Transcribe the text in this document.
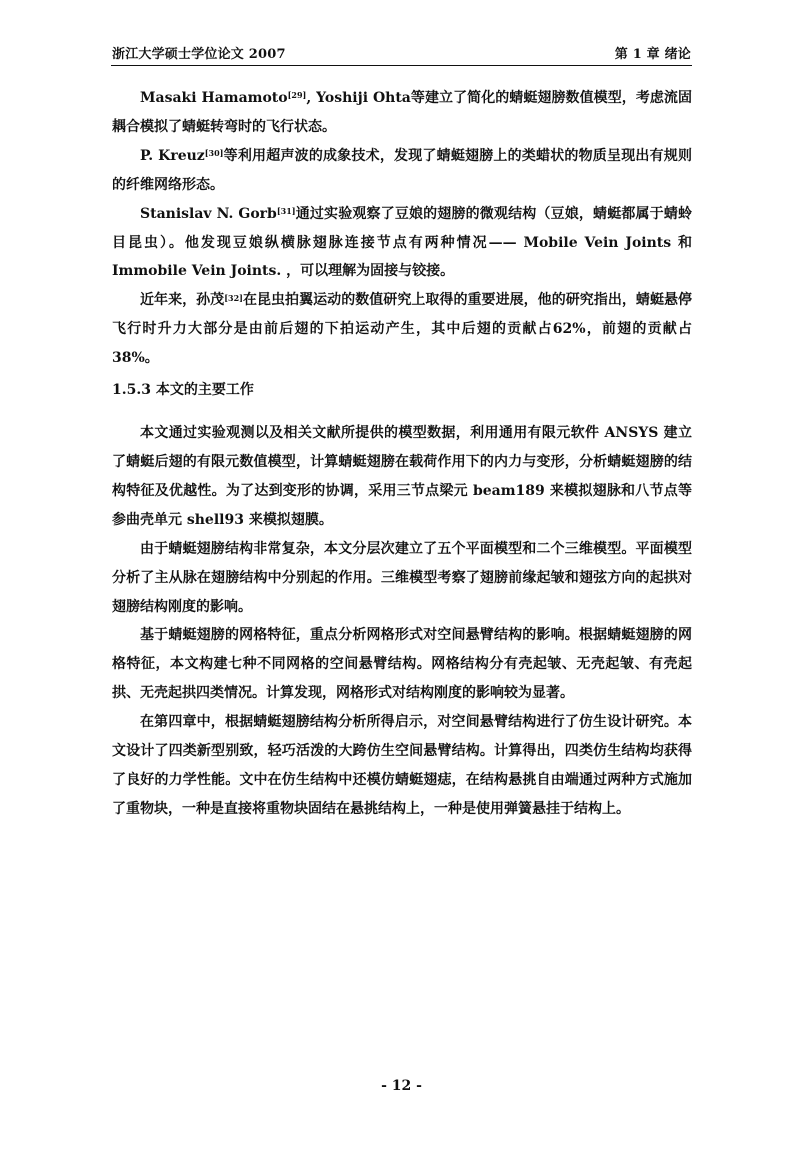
浙江大学硕士学位论文 2007	第 1 章 绪论

Masaki Hamamoto[29], Yoshiji Ohta等建立了简化的蜻蜓翅膀数值模型，考虑流固耦合模拟了蜻蜓转弯时的飞行状态。

P. Kreuz[30]等利用超声波的成象技术，发现了蜻蜓翅膀上的类蜡状的物质呈现出有规则的纤维网络形态。

Stanislav N. Gorb[31]通过实验观察了豆娘的翅膀的微观结构（豆娘，蜻蜓都属于蜻蛉目昆虫）。他发现豆娘纵横脉翅脉连接节点有两种情况—— Mobile Vein Joints 和 Immobile Vein Joints. ，可以理解为固接与铰接。

近年来，孙茂[32]在昆虫拍翼运动的数值研究上取得的重要进展，他的研究指出，蜻蜓悬停飞行时升力大部分是由前后翅的下拍运动产生，其中后翅的贡献占62%，前翅的贡献占38%。

1.5.3 本文的主要工作

本文通过实验观测以及相关文献所提供的模型数据，利用通用有限元软件 ANSYS 建立了蜻蜓后翅的有限元数值模型，计算蜻蜓翅膀在载荷作用下的内力与变形，分析蜻蜓翅膀的结构特征及优越性。为了达到变形的协调，采用三节点梁元 beam189 来模拟翅脉和八节点等参曲壳单元 shell93 来模拟翅膜。

由于蜻蜓翅膀结构非常复杂，本文分层次建立了五个平面模型和二个三维模型。平面模型分析了主从脉在翅膀结构中分别起的作用。三维模型考察了翅膀前缘起皱和翅弦方向的起拱对翅膀结构刚度的影响。

基于蜻蜓翅膀的网格特征，重点分析网格形式对空间悬臂结构的影响。根据蜻蜓翅膀的网格特征，本文构建七种不同网格的空间悬臂结构。网格结构分有壳起皱、无壳起皱、有壳起拱、无壳起拱四类情况。计算发现，网格形式对结构刚度的影响较为显著。

在第四章中，根据蜻蜓翅膀结构分析所得启示，对空间悬臂结构进行了仿生设计研究。本文设计了四类新型别致，轻巧活泼的大跨仿生空间悬臂结构。计算得出，四类仿生结构均获得了良好的力学性能。文中在仿生结构中还模仿蜻蜓翅痣，在结构悬挑自由端通过两种方式施加了重物块，一种是直接将重物块固结在悬挑结构上，一种是使用弹簧悬挂于结构上。

- 12 -
